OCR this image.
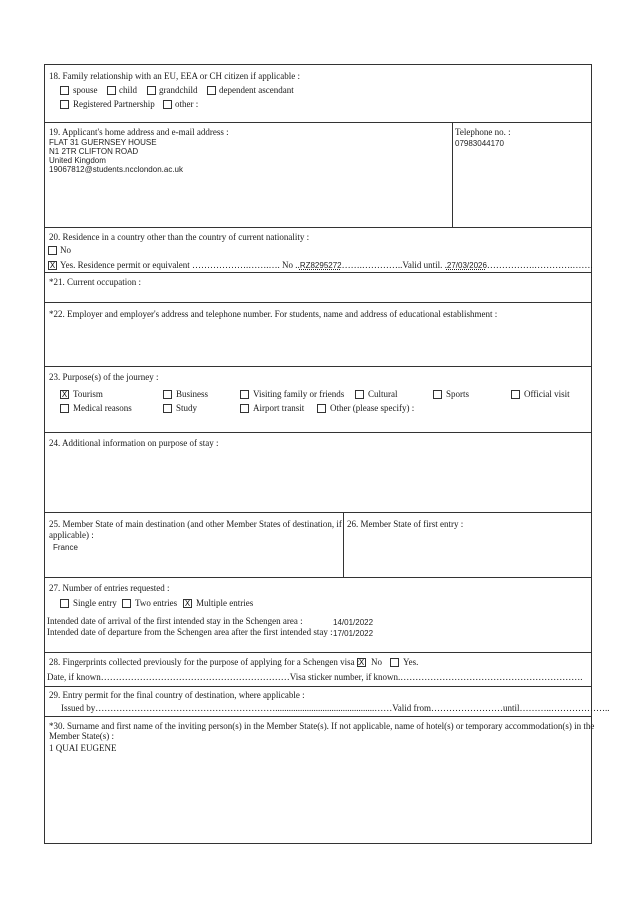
18. Family relationship with an EU, EEA or CH citizen if applicable :
spouse child grandchild dependent ascendant
Registered Partnership other :
19. Applicant's home address and e-mail address :
FLAT 31 GUERNSEY HOUSE
N1 2TR CLIFTON ROAD
United Kingdom
19067812@students.ncclondon.ac.uk
Telephone no. :
07983044170
20. Residence in a country other than the country of current nationality :
No
X Yes. Residence permit or equivalent ……………….…….…. No ..RZ8295272…….…………..Valid until. .27/03/2026…………….………….…….
*21. Current occupation :
*22. Employer and employer's address and telephone number. For students, name and address of educational establishment :
23. Purpose(s) of the journey :
X Tourism	Business	Visiting family or friends	Cultural	Sports	Official visit
Medical reasons	Study	Airport transit	Other (please specify) :
24. Additional information on purpose of stay :
25. Member State of main destination (and other Member States of destination, if
applicable) :
France
26. Member State of first entry :
27. Number of entries requested :
Single entry Two entries X Multiple entries
Intended date of arrival of the first intended stay in the Schengen area :	14/01/2022
Intended date of departure from the Schengen area after the first intended stay : 17/01/2022
28. Fingerprints collected previously for the purpose of applying for a Schengen visa : X No Yes.
Date, if known………………………………………………………Visa sticker number, if known.…………………………………………………….
29. Entry permit for the final country of destination, where applicable :
Issued by……………………………………………………............................................……Valid from……………………until………..………………..
*30. Surname and first name of the inviting person(s) in the Member State(s). If not applicable, name of hotel(s) or temporary accommodation(s) in the
Member State(s) :
1 QUAI EUGENE
